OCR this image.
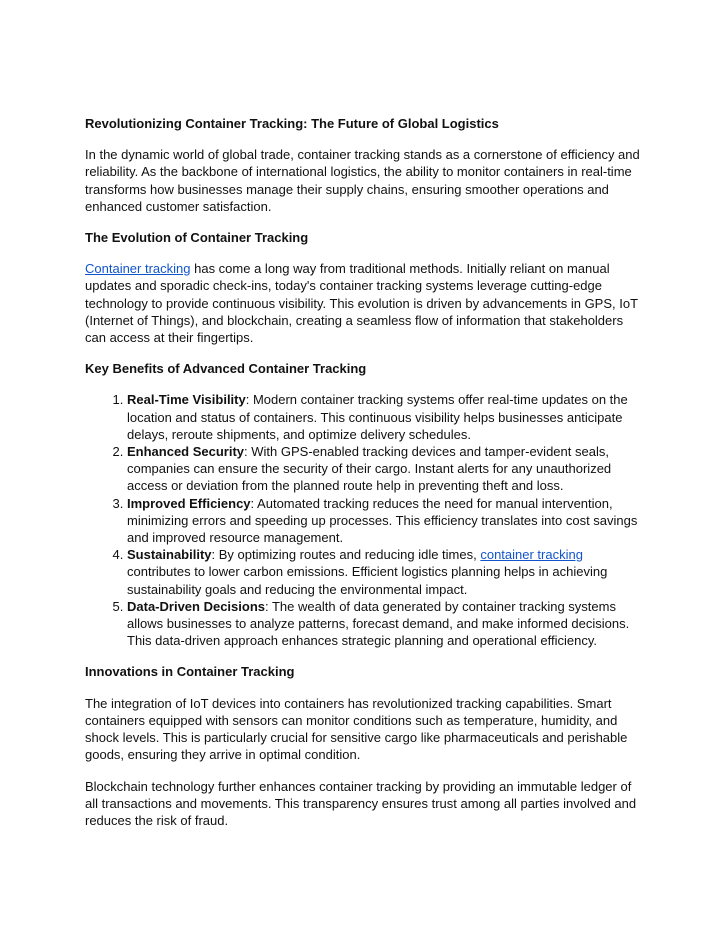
Revolutionizing Container Tracking: The Future of Global Logistics

In the dynamic world of global trade, container tracking stands as a cornerstone of efficiency and reliability. As the backbone of international logistics, the ability to monitor containers in real-time transforms how businesses manage their supply chains, ensuring smoother operations and enhanced customer satisfaction.

The Evolution of Container Tracking

Container tracking has come a long way from traditional methods. Initially reliant on manual updates and sporadic check-ins, today's container tracking systems leverage cutting-edge technology to provide continuous visibility. This evolution is driven by advancements in GPS, IoT (Internet of Things), and blockchain, creating a seamless flow of information that stakeholders can access at their fingertips.

Key Benefits of Advanced Container Tracking
1. Real-Time Visibility: Modern container tracking systems offer real-time updates on the location and status of containers. This continuous visibility helps businesses anticipate delays, reroute shipments, and optimize delivery schedules.
2. Enhanced Security: With GPS-enabled tracking devices and tamper-evident seals, companies can ensure the security of their cargo. Instant alerts for any unauthorized access or deviation from the planned route help in preventing theft and loss.
3. Improved Efficiency: Automated tracking reduces the need for manual intervention, minimizing errors and speeding up processes. This efficiency translates into cost savings and improved resource management.
4. Sustainability: By optimizing routes and reducing idle times, container tracking contributes to lower carbon emissions. Efficient logistics planning helps in achieving sustainability goals and reducing the environmental impact.
5. Data-Driven Decisions: The wealth of data generated by container tracking systems allows businesses to analyze patterns, forecast demand, and make informed decisions. This data-driven approach enhances strategic planning and operational efficiency.
Innovations in Container Tracking

The integration of IoT devices into containers has revolutionized tracking capabilities. Smart containers equipped with sensors can monitor conditions such as temperature, humidity, and shock levels. This is particularly crucial for sensitive cargo like pharmaceuticals and perishable goods, ensuring they arrive in optimal condition.

Blockchain technology further enhances container tracking by providing an immutable ledger of all transactions and movements. This transparency ensures trust among all parties involved and reduces the risk of fraud.
